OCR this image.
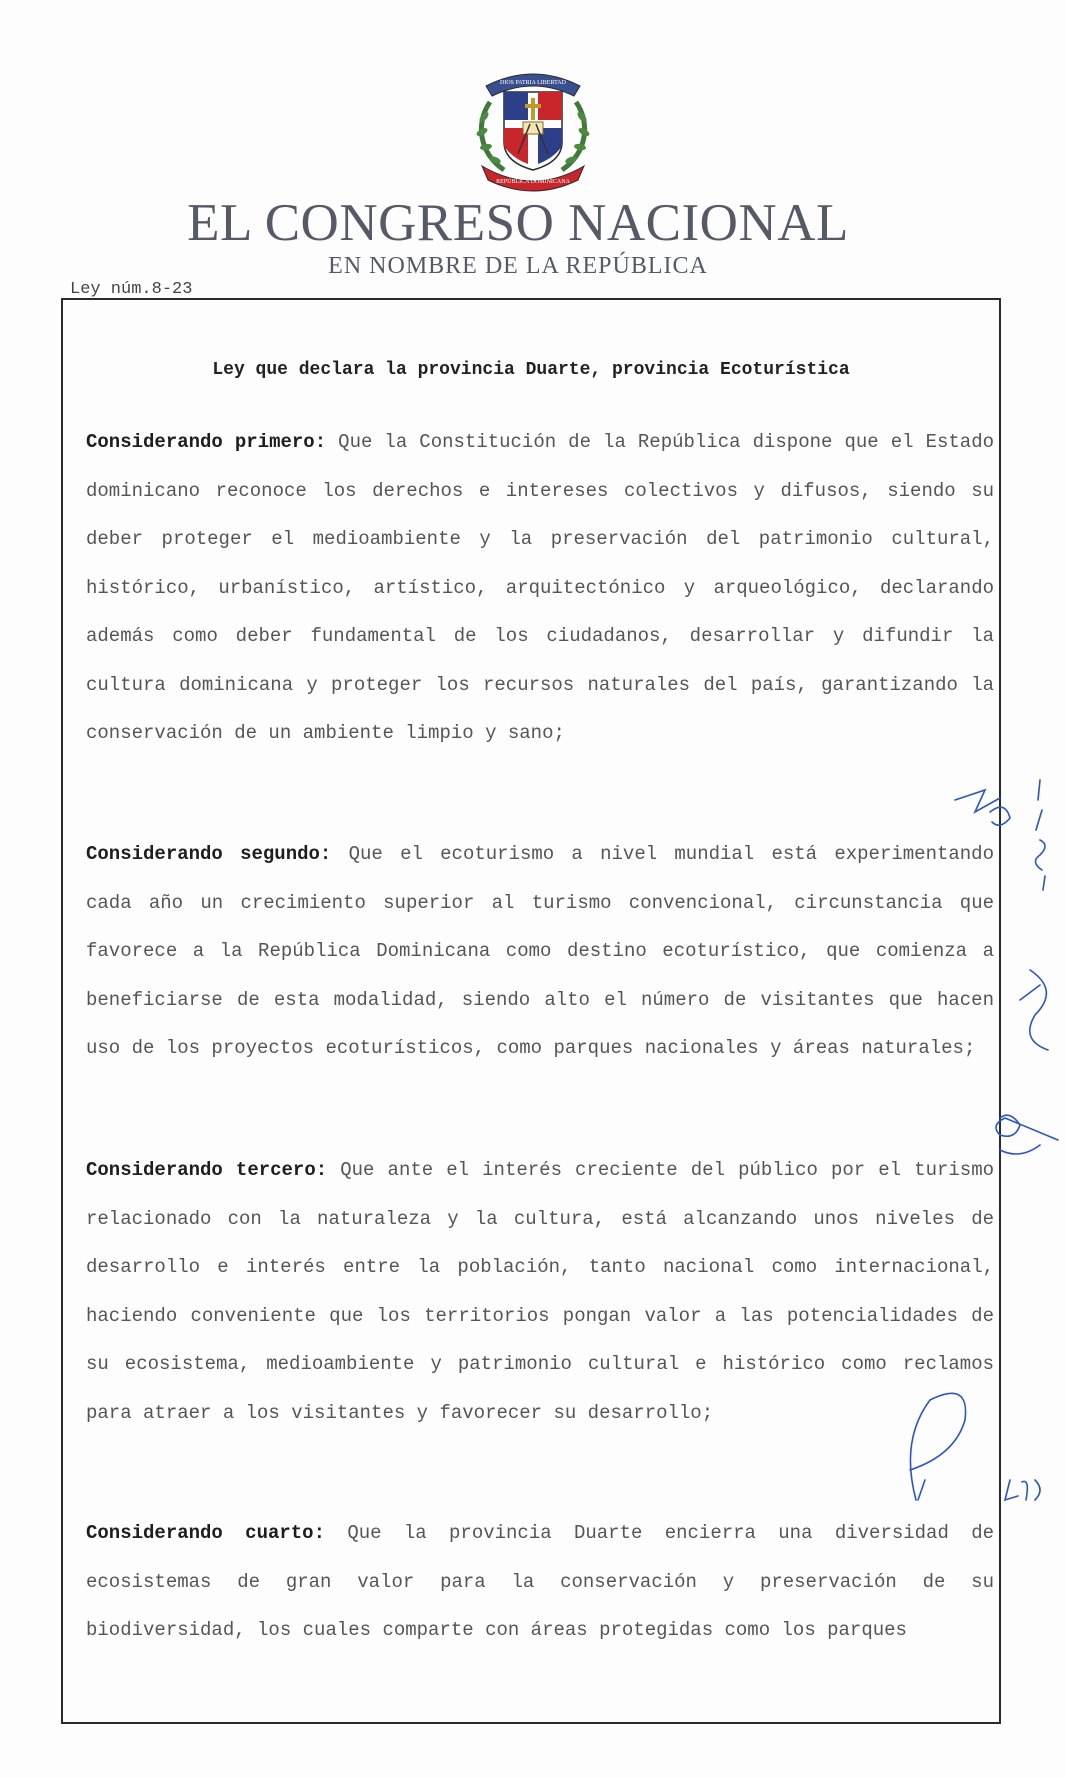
DIOS PATRIA LIBERTAD
REPÚBLICA DOMINICANA
EL CONGRESO NACIONAL
EN NOMBRE DE LA REPÚBLICA
Ley núm.8-23
Ley que declara la provincia Duarte, provincia Ecoturística
Considerando primero: Que la Constitución de la República dispone que el Estado dominicano reconoce los derechos e intereses colectivos y difusos, siendo su deber proteger el medioambiente y la preservación del patrimonio cultural, histórico, urbanístico, artístico, arquitectónico y arqueológico, declarando además como deber fundamental de los ciudadanos, desarrollar y difundir la cultura dominicana y proteger los recursos naturales del país, garantizando la conservación de un ambiente limpio y sano;
Considerando segundo: Que el ecoturismo a nivel mundial está experimentando cada año un crecimiento superior al turismo convencional, circunstancia que favorece a la República Dominicana como destino ecoturístico, que comienza a beneficiarse de esta modalidad, siendo alto el número de visitantes que hacen uso de los proyectos ecoturísticos, como parques nacionales y áreas naturales;
Considerando tercero: Que ante el interés creciente del público por el turismo relacionado con la naturaleza y la cultura, está alcanzando unos niveles de desarrollo e interés entre la población, tanto nacional como internacional, haciendo conveniente que los territorios pongan valor a las potencialidades de su ecosistema, medioambiente y patrimonio cultural e histórico como reclamos para atraer a los visitantes y favorecer su desarrollo;
Considerando cuarto: Que la provincia Duarte encierra una diversidad de ecosistemas de gran valor para la conservación y preservación de su biodiversidad, los cuales comparte con áreas protegidas como los parques
